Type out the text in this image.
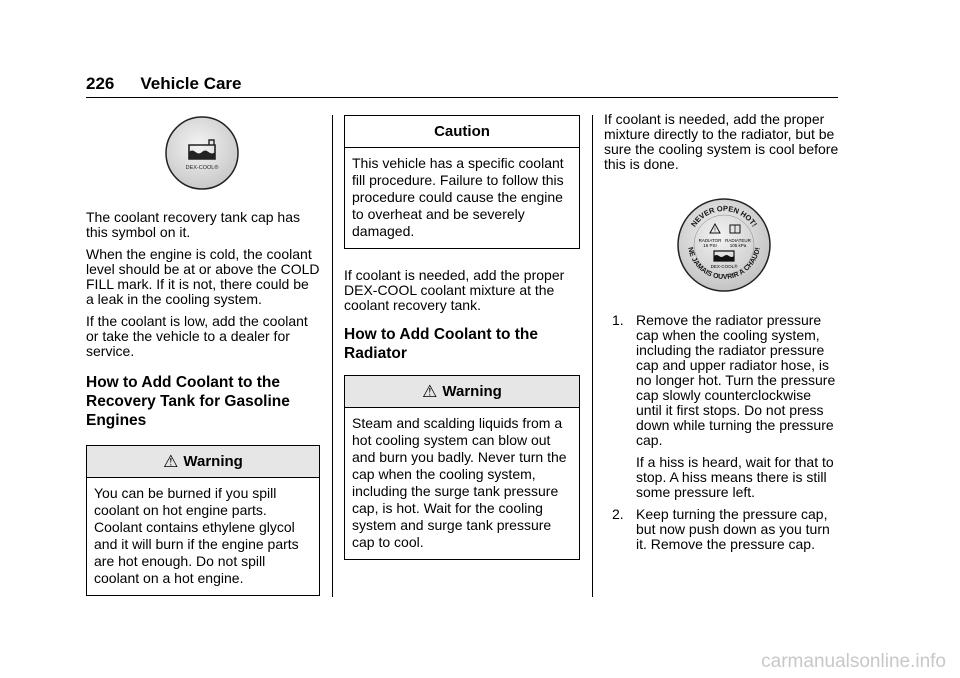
226 Vehicle Care
DEX-COOL®

The coolant recovery tank cap has this symbol on it.

When the engine is cold, the coolant level should be at or above the COLD FILL mark. If it is not, there could be a leak in the cooling system.

If the coolant is low, add the coolant or take the vehicle to a dealer for service.

How to Add Coolant to the Recovery Tank for Gasoline Engines
⚠ Warning
You can be burned if you spill coolant on hot engine parts. Coolant contains ethylene glycol and it will burn if the engine parts are hot enough. Do not spill coolant on a hot engine.
Caution
This vehicle has a specific coolant fill procedure. Failure to follow this procedure could cause the engine to overheat and be severely damaged.

If coolant is needed, add the proper DEX-COOL coolant mixture at the coolant recovery tank.

How to Add Coolant to the Radiator
⚠ Warning
Steam and scalding liquids from a hot cooling system can blow out and burn you badly. Never turn the cap when the cooling system, including the surge tank pressure cap, is hot. Wait for the cooling system and surge tank pressure cap to cool.

If coolant is needed, add the proper mixture directly to the radiator, but be sure the cooling system is cool before this is done.

NEVER OPEN HOT!
NE JAMAIS OUVRIR A CHAUD!
!
RADIATOR
16 PSI
RADIATEUR
105 kPa
DEX-COOL®
1. Remove the radiator pressure cap when the cooling system, including the radiator pressure cap and upper radiator hose, is no longer hot. Turn the pressure cap slowly counterclockwise until it first stops. Do not press down while turning the pressure cap.

If a hiss is heard, wait for that to stop. A hiss means there is still some pressure left.

2. Keep turning the pressure cap, but now push down as you turn it. Remove the pressure cap.

carmanualsonline.info
